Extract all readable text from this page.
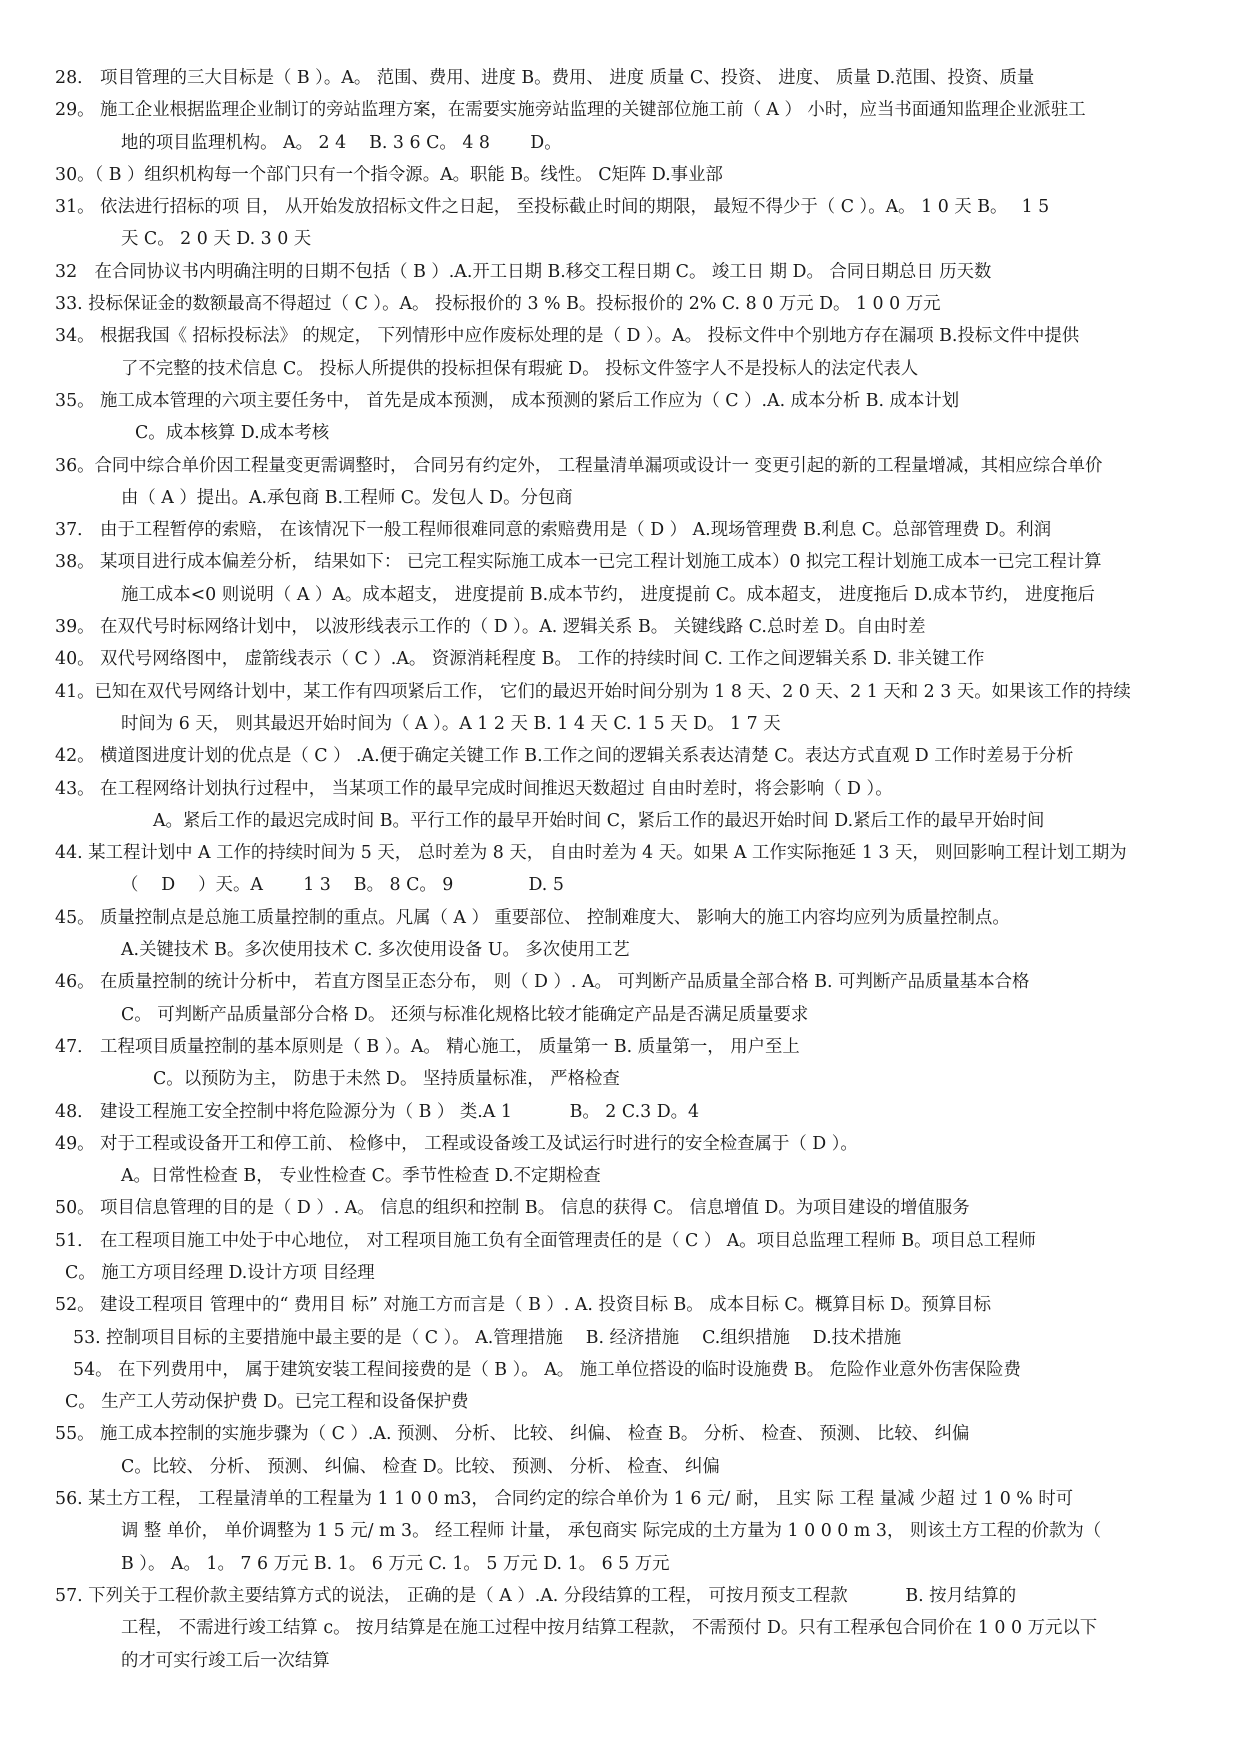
28． 项目管理的三大目标是（ B ）。A。 范围、费用、进度 B。费用、 进度 质量 C、投资、 进度、 质量 D.范围、投资、质量
29。 施工企业根据监理企业制订的旁站监理方案，在需要实施旁站监理的关键部位施工前（ A ） 小时，应当书面通知监理企业派驻工
地的项目监理机构。 A。 2 4　 B. 3 6 C。 4 8　　 D。
30。（ B ）组织机构每一个部门只有一个指令源。A。职能 B。线性。 C矩阵 D.事业部
31。 依法进行招标的项 目， 从开始发放招标文件之日起， 至投标截止时间的期限， 最短不得少于（ C ）。A。 1 0 天 B。　 1 5
天 C。 2 0 天 D. 3 0 天
32　在合同协议书内明确注明的日期不包括（ B ）.A.开工日期 B.移交工程日期 C。 竣工日 期 D。 合同日期总日 历天数
33. 投标保证金的数额最高不得超过（ C ）。A。 投标报价的 3 % B。投标报价的 2% C. 8 0 万元 D。 1 0 0 万元
34。 根据我国《 招标投标法》 的规定， 下列情形中应作废标处理的是（ D ）。A。 投标文件中个别地方存在漏项 B.投标文件中提供
了不完整的技术信息 C。 投标人所提供的投标担保有瑕疵 D。 投标文件签字人不是投标人的法定代表人
35。 施工成本管理的六项主要任务中， 首先是成本预测， 成本预测的紧后工作应为（ C ）.A. 成本分析 B. 成本计划
C。成本核算 D.成本考核
36。合同中综合单价因工程量变更需调整时， 合同另有约定外， 工程量清单漏项或设计一 变更引起的新的工程量增减，其相应综合单价
由（ A ）提出。A.承包商 B.工程师 C。发包人 D。分包商
37． 由于工程暂停的索赔， 在该情况下一般工程师很难同意的索赔费用是（ D ） A.现场管理费 B.利息 C。总部管理费 D。利润
38。 某项目进行成本偏差分析， 结果如下： 已完工程实际施工成本一已完工程计划施工成本）0 拟完工程计划施工成本一已完工程计算
施工成本<0 则说明（ A ）A。成本超支， 进度提前 B.成本节约， 进度提前 C。成本超支， 进度拖后 D.成本节约， 进度拖后
39。 在双代号时标网络计划中， 以波形线表示工作的（ D ）。A. 逻辑关系 B。 关键线路 C.总时差 D。自由时差
40。 双代号网络图中， 虚箭线表示（ C ）.A。 资源消耗程度 B。 工作的持续时间 C. 工作之间逻辑关系 D. 非关键工作
41。已知在双代号网络计划中，某工作有四项紧后工作， 它们的最迟开始时间分别为 1 8 天、2 0 天、2 1 天和 2 3 天。如果该工作的持续
时间为 6 天， 则其最迟开始时间为（ A ）。A 1 2 天 B. 1 4 天 C. 1 5 天 D。 1 7 天
42。 横道图进度计划的优点是（ C ） .A.便于确定关键工作 B.工作之间的逻辑关系表达清楚 C。表达方式直观 D 工作时差易于分析
43。 在工程网络计划执行过程中， 当某项工作的最早完成时间推迟天数超过 自由时差时，将会影响（ D ）。
A。紧后工作的最迟完成时间 B。平行工作的最早开始时间 C，紧后工作的最迟开始时间 D.紧后工作的最早开始时间
44. 某工程计划中 A 工作的持续时间为 5 天， 总时差为 8 天， 自由时差为 4 天。如果 A 工作实际拖延 1 3 天， 则回影响工程计划工期为
（　 D　 ）天。A　　 1 3　 B。 8 C。 9　　　　 D. 5
45。 质量控制点是总施工质量控制的重点。凡属（ A ） 重要部位、 控制难度大、 影响大的施工内容均应列为质量控制点。
A.关键技术 B。多次使用技术 C. 多次使用设备 U。 多次使用工艺
46。 在质量控制的统计分析中， 若直方图呈正态分布， 则（ D ）. A。 可判断产品质量全部合格 B. 可判断产品质量基本合格
C。 可判断产品质量部分合格 D。 还须与标准化规格比较才能确定产品是否满足质量要求
47． 工程项目质量控制的基本原则是（ B ）。A。 精心施工， 质量第一 B. 质量第一， 用户至上
C。以预防为主， 防患于未然 D。 坚持质量标准， 严格检查
48． 建设工程施工安全控制中将危险源分为（ B ） 类.A 1　　　 B。 2 C.3 D。4
49。 对于工程或设备开工和停工前、 检修中， 工程或设备竣工及试运行时进行的安全检查属于（ D ）。
A。日常性检查 B， 专业性检查 C。季节性检查 D.不定期检查
50。 项目信息管理的目的是（ D ）. A。 信息的组织和控制 B。 信息的获得 C。 信息增值 D。为项目建设的增值服务
51． 在工程项目施工中处于中心地位， 对工程项目施工负有全面管理责任的是（ C ） A。项目总监理工程师 B。项目总工程师
C。 施工方项目经理 D.设计方项 目经理
52。 建设工程项目 管理中的“ 费用目 标” 对施工方而言是（ B ）. A. 投资目标 B。 成本目标 C。概算目标 D。预算目标
53. 控制项目目标的主要措施中最主要的是（ C ）。 A.管理措施　 B. 经济措施　 C.组织措施　 D.技术措施
54。 在下列费用中， 属于建筑安装工程间接费的是（ B ）。 A。 施工单位搭设的临时设施费 B。 危险作业意外伤害保险费
C。 生产工人劳动保护费 D。已完工程和设备保护费
55。 施工成本控制的实施步骤为（ C ）.A. 预测、 分析、 比较、 纠偏、 检查 B。 分析、 检查、 预测、 比较、 纠偏
C。比较、 分析、 预测、 纠偏、 检查 D。比较、 预测、 分析、 检查、 纠偏
56. 某土方工程， 工程量清单的工程量为 1 1 0 0 m3， 合同约定的综合单价为 1 6 元/ 耐， 且实 际 工程 量减 少超 过 1 0 % 时可
调 整 单价， 单价调整为 1 5 元/ m 3。 经工程师 计量， 承包商实 际完成的土方量为 1 0 0 0 m 3， 则该土方工程的价款为（
B ）。 A。 1。 7 6 万元 B. 1。 6 万元 C. 1。 5 万元 D. 1。 6 5 万元
57. 下列关于工程价款主要结算方式的说法， 正确的是（ A ）.A. 分段结算的工程， 可按月预支工程款　　　 B. 按月结算的
工程， 不需进行竣工结算 c。 按月结算是在施工过程中按月结算工程款， 不需预付 D。只有工程承包合同价在 1 0 0 万元以下
的才可实行竣工后一次结算
